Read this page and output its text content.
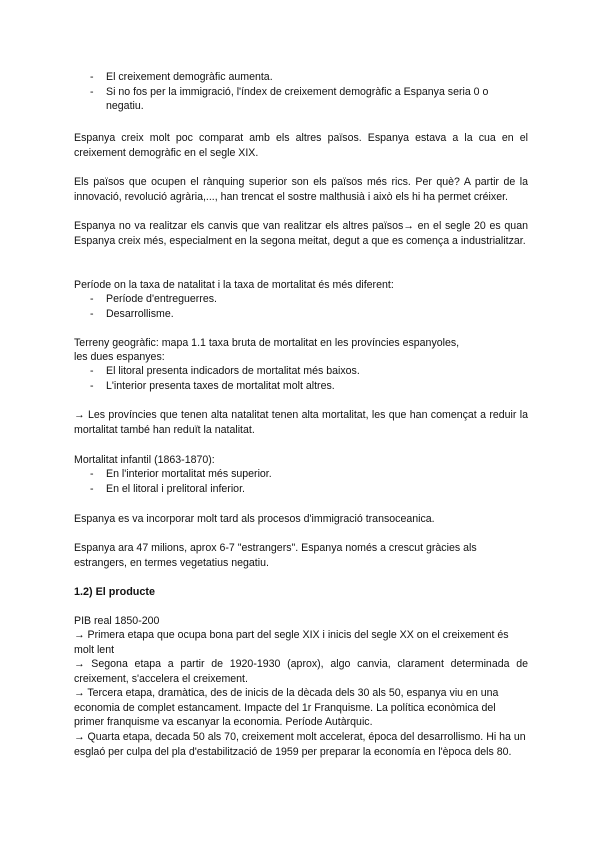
- El creixement demogràfic aumenta.
- Si no fos per la immigració, l'índex de creixement demogràfic a Espanya seria 0 o negatiu.

Espanya creix molt poc comparat amb els altres països. Espanya estava a la cua en el creixement demogràfic en el segle XIX.

Els països que ocupen el rànquing superior son els països més rics. Per què? A partir de la innovació, revolució agrària,..., han trencat el sostre malthusià i això els hi ha permet créixer.

Espanya no va realitzar els canvis que van realitzar els altres països→ en el segle 20 es quan Espanya creix més, especialment en la segona meitat, degut a que es comença a industrialitzar.

Període on la taxa de natalitat i la taxa de mortalitat és més diferent:

- Període d'entreguerres.
- Desarrollisme.

Terreny geogràfic: mapa 1.1 taxa bruta de mortalitat en les províncies espanyoles,

les dues espanyes:

- El litoral presenta indicadors de mortalitat més baixos.
- L'interior presenta taxes de mortalitat molt altres.

→ Les províncies que tenen alta natalitat tenen alta mortalitat, les que han començat a reduir la mortalitat també han reduït la natalitat.

Mortalitat infantil (1863-1870):

- En l'interior mortalitat més superior.
- En el litoral i prelitoral inferior.

Espanya es va incorporar molt tard als procesos d'immigració transoceanica.

Espanya ara 47 milions, aprox 6-7 "estrangers". Espanya només a crescut gràcies als estrangers, en termes vegetatius negatiu.

1.2) El producte

PIB real 1850-200

→ Primera etapa que ocupa bona part del segle XIX i inicis del segle XX on el creixement és molt lent

→ Segona etapa a partir de 1920-1930 (aprox), algo canvia, clarament determinada de creixement, s'accelera el creixement.

→ Tercera etapa, dramàtica, des de inicis de la dècada dels 30 als 50, espanya viu en una economia de complet estancament. Impacte del 1r Franquisme. La política econòmica del primer franquisme va escanyar la economia. Període Autàrquic.

→ Quarta etapa, decada 50 als 70, creixement molt accelerat, época del desarrollismo. Hi ha un esglaó per culpa del pla d'estabilització de 1959 per preparar la economía en l'època dels 80.
